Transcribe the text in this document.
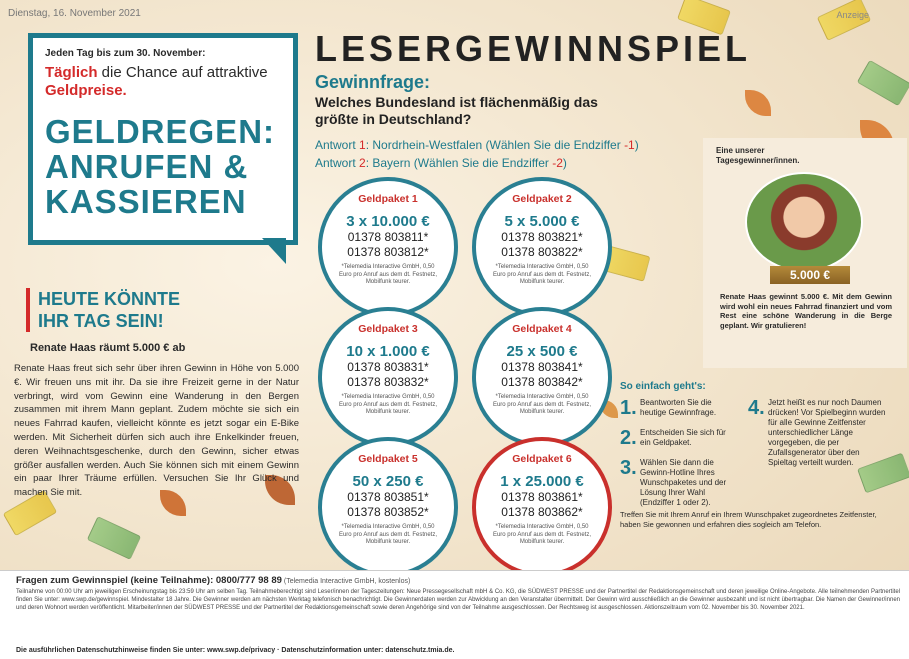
Dienstag, 16. November 2021	Anzeige
Jeden Tag bis zum 30. November:
Täglich die Chance auf attraktive Geldpreise.
GELDREGEN:
ANRUFEN &
KASSIEREN
HEUTE KÖNNTE
IHR TAG SEIN!
Renate Haas räumt 5.000 € ab
Renate Haas freut sich sehr über ihren Gewinn in Höhe von 5.000 €. Wir freuen uns mit ihr. Da sie ihre Freizeit gerne in der Natur verbringt, wird vom Gewinn eine Wanderung in den Bergen zusammen mit ihrem Mann geplant. Zudem möchte sie sich ein neues Fahrrad kaufen, vielleicht könnte es jetzt sogar ein E-Bike werden. Mit Sicherheit dürfen sich auch ihre Enkelkinder freuen, deren Weihnachtsgeschenke, durch den Gewinn, sicher etwas größer ausfallen werden. Auch Sie können sich mit einem Gewinn ein paar Ihrer Träume erfüllen. Versuchen Sie Ihr Glück und machen Sie mit.
LESERGEWINNSPIEL
Gewinnfrage:
Welches Bundesland ist flächenmäßig das größte in Deutschland?
Antwort 1: Nordrhein-Westfalen (Wählen Sie die Endziffer -1)
Antwort 2: Bayern (Wählen Sie die Endziffer -2)
Geldpaket 1
3 x 10.000 €
01378 803811*
01378 803812*
*Telemedia Interactive GmbH, 0,50 Euro pro Anruf aus dem dt. Festnetz, Mobilfunk teurer.
Geldpaket 2
5 x 5.000 €
01378 803821*
01378 803822*
*Telemedia Interactive GmbH, 0,50 Euro pro Anruf aus dem dt. Festnetz, Mobilfunk teurer.
Geldpaket 3
10 x 1.000 €
01378 803831*
01378 803832*
*Telemedia Interactive GmbH, 0,50 Euro pro Anruf aus dem dt. Festnetz, Mobilfunk teurer.
Geldpaket 4
25 x 500 €
01378 803841*
01378 803842*
*Telemedia Interactive GmbH, 0,50 Euro pro Anruf aus dem dt. Festnetz, Mobilfunk teurer.
Geldpaket 5
50 x 250 €
01378 803851*
01378 803852*
*Telemedia Interactive GmbH, 0,50 Euro pro Anruf aus dem dt. Festnetz, Mobilfunk teurer.
Geldpaket 6
1 x 25.000 €
01378 803861*
01378 803862*
*Telemedia Interactive GmbH, 0,50 Euro pro Anruf aus dem dt. Festnetz, Mobilfunk teurer.
Eine unserer Tagesgewinner/innen.
5.000 €
Renate Haas gewinnt 5.000 €. Mit dem Gewinn wird wohl ein neues Fahrrad finanziert und vom Rest eine schöne Wanderung in die Berge geplant. Wir gratulieren!
So einfach geht's:
1. Beantworten Sie die heutige Gewinnfrage.
2. Entscheiden Sie sich für ein Geldpaket.
3. Wählen Sie dann die Gewinn-Hotline Ihres Wunschpaketes und der Lösung Ihrer Wahl (Endziffer 1 oder 2).
4. Jetzt heißt es nur noch Daumen drücken! Vor Spielbeginn wurden für alle Gewinne Zeitfenster unterschiedlicher Länge vorgegeben, die per Zufallsgenerator über den Spieltag verteilt wurden.
Treffen Sie mit Ihrem Anruf ein Ihrem Wunschpaket zugeordnetes Zeitfenster, haben Sie gewonnen und erfahren dies sogleich am Telefon.
Fragen zum Gewinnspiel (keine Teilnahme): 0800/777 98 89 (Telemedia Interactive GmbH, kostenlos)
Teilnahme von 00:00 Uhr am jeweiligen Erscheinungstag bis 23:59 Uhr am selben Tag. Teilnahmeberechtigt sind Leser/innen der Tageszeitungen: Neue Pressegesellschaft mbH & Co. KG, die SÜDWEST PRESSE und der Partnertitel der Redaktionsgemeinschaft und deren jeweilige Online-Angebote. Alle teilnehmenden Partnertitel finden Sie unter: www.swp.de/gewinnspiel. Mindestalter 18 Jahre. Die Gewinner werden am nächsten Werktag telefonisch benachrichtigt. Die Gewinnerdaten werden zur Abwicklung an den Veranstalter übermittelt. Der Gewinn wird ausschließlich an die Gewinner ausbezahlt und ist nicht übertragbar. Die Namen der Gewinner/innen und deren Wohnort werden veröffentlicht. Mitarbeiter/innen der SÜDWEST PRESSE und der Partnertitel der Redaktionsgemeinschaft sowie deren Angehörige sind von der Teilnahme ausgeschlossen. Der Rechtsweg ist ausgeschlossen. Aktionszeitraum vom 02. November bis 30. November 2021.
Die ausführlichen Datenschutzhinweise finden Sie unter: www.swp.de/privacy · Datenschutzinformation unter: datenschutz.tmia.de.
